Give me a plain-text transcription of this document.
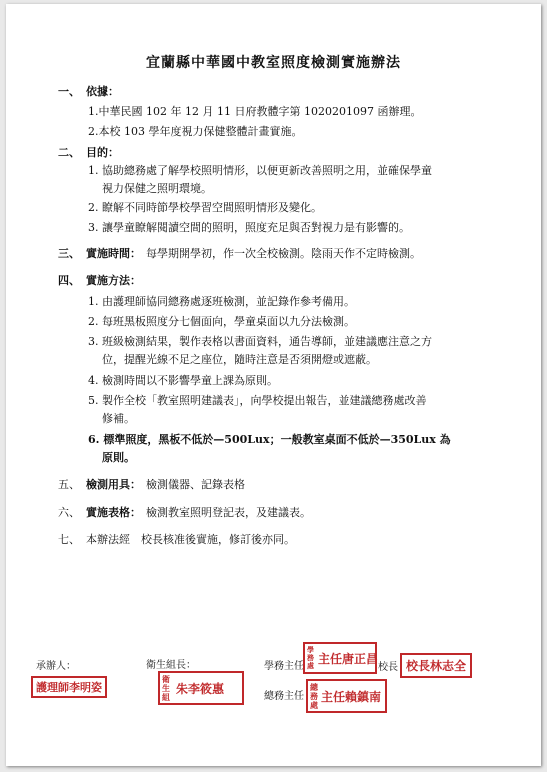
宜蘭縣中華國中教室照度檢測實施辦法
一、 依據：
1.中華民國 102 年 12 月 11 日府教體字第 1020201097 函辦理。
2.本校 103 學年度視力保健整體計畫實施。
二、 目的：
1. 協助總務處了解學校照明情形，以便更新改善照明之用，並確保學童
視力保健之照明環境。
2. 瞭解不同時節學校學習空間照明情形及變化。
3. 讓學童瞭解閱讀空間的照明，照度充足與否對視力是有影響的。
三、 實施時間： 每學期開學初，作一次全校檢測。陰雨天作不定時檢測。
四、 實施方法：
1. 由護理師協同總務處逐班檢測，並記錄作參考備用。
2. 每班黑板照度分七個面向，學童桌面以九分法檢測。
3. 班級檢測結果，製作表格以書面資料，通告導師，並建議應注意之方
位，提醒光線不足之座位，隨時注意是否須開燈或遮蔽。
4. 檢測時間以不影響學童上課為原則。
5. 製作全校「教室照明建議表」，向學校提出報告，並建議總務處改善
修補。
6. 標準照度，黑板不低於—500Lux；一般教室桌面不低於—350Lux 為
原則。
五、 檢測用具： 檢測儀器、記錄表格
六、 實施表格： 檢測教室照明登記表，及建議表。
七、 本辦法經　校長核准後實施，修訂後亦同。
承辦人：
護理師李明姿
衛生組長：
衛生組
朱李筱惠
學務主任
學務處 主任唐正昌
校長 校長林志全
總務主任
總務處
主任賴鎮南
